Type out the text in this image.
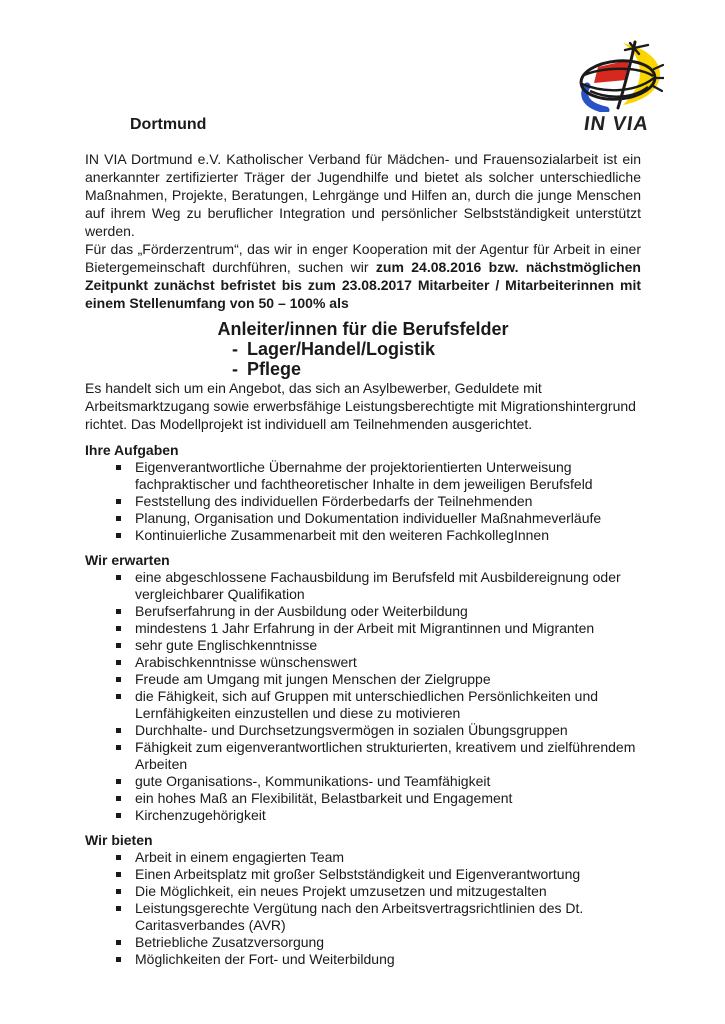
IN VIA
Dortmund

IN VIA Dortmund e.V. Katholischer Verband für Mädchen- und Frauensozialarbeit ist ein anerkannter zertifizierter Träger der Jugendhilfe und bietet als solcher unterschiedliche Maßnahmen, Projekte, Beratungen, Lehrgänge und Hilfen an, durch die junge Menschen auf ihrem Weg zu beruflicher Integration und persönlicher Selbstständigkeit unterstützt werden.

Für das „Förderzentrum“, das wir in enger Kooperation mit der Agentur für Arbeit in einer Bietergemeinschaft durchführen, suchen wir zum 24.08.2016 bzw. nächstmöglichen Zeitpunkt zunächst befristet bis zum 23.08.2017 Mitarbeiter / Mitarbeiterinnen mit einem Stellenumfang von 50 – 100% als

Anleiter/innen für die Berufsfelder
- Lager/Handel/Logistik
- Pflege

Es handelt sich um ein Angebot, das sich an Asylbewerber, Geduldete mit Arbeitsmarktzugang sowie erwerbsfähige Leistungsberechtigte mit Migrationshintergrund richtet. Das Modellprojekt ist individuell am Teilnehmenden ausgerichtet.

Ihre Aufgaben

Eigenverantwortliche Übernahme der projektorientierten Unterweisung fachpraktischer und fachtheoretischer Inhalte in dem jeweiligen Berufsfeld
Feststellung des individuellen Förderbedarfs der Teilnehmenden
Planung, Organisation und Dokumentation individueller Maßnahmeverläufe
Kontinuierliche Zusammenarbeit mit den weiteren FachkollegInnen

Wir erwarten

eine abgeschlossene Fachausbildung im Berufsfeld mit Ausbildereignung oder vergleichbarer Qualifikation
Berufserfahrung in der Ausbildung oder Weiterbildung
mindestens 1 Jahr Erfahrung in der Arbeit mit Migrantinnen und Migranten
sehr gute Englischkenntnisse
Arabischkenntnisse wünschenswert
Freude am Umgang mit jungen Menschen der Zielgruppe
die Fähigkeit, sich auf Gruppen mit unterschiedlichen Persönlichkeiten und Lernfähigkeiten einzustellen und diese zu motivieren
Durchhalte- und Durchsetzungsvermögen in sozialen Übungsgruppen
Fähigkeit zum eigenverantwortlichen strukturierten, kreativem und zielführendem Arbeiten
gute Organisations-, Kommunikations- und Teamfähigkeit
ein hohes Maß an Flexibilität, Belastbarkeit und Engagement
Kirchenzugehörigkeit

Wir bieten

Arbeit in einem engagierten Team
Einen Arbeitsplatz mit großer Selbstständigkeit und Eigenverantwortung
Die Möglichkeit, ein neues Projekt umzusetzen und mitzugestalten
Leistungsgerechte Vergütung nach den Arbeitsvertragsrichtlinien des Dt. Caritasverbandes (AVR)
Betriebliche Zusatzversorgung
Möglichkeiten der Fort- und Weiterbildung
